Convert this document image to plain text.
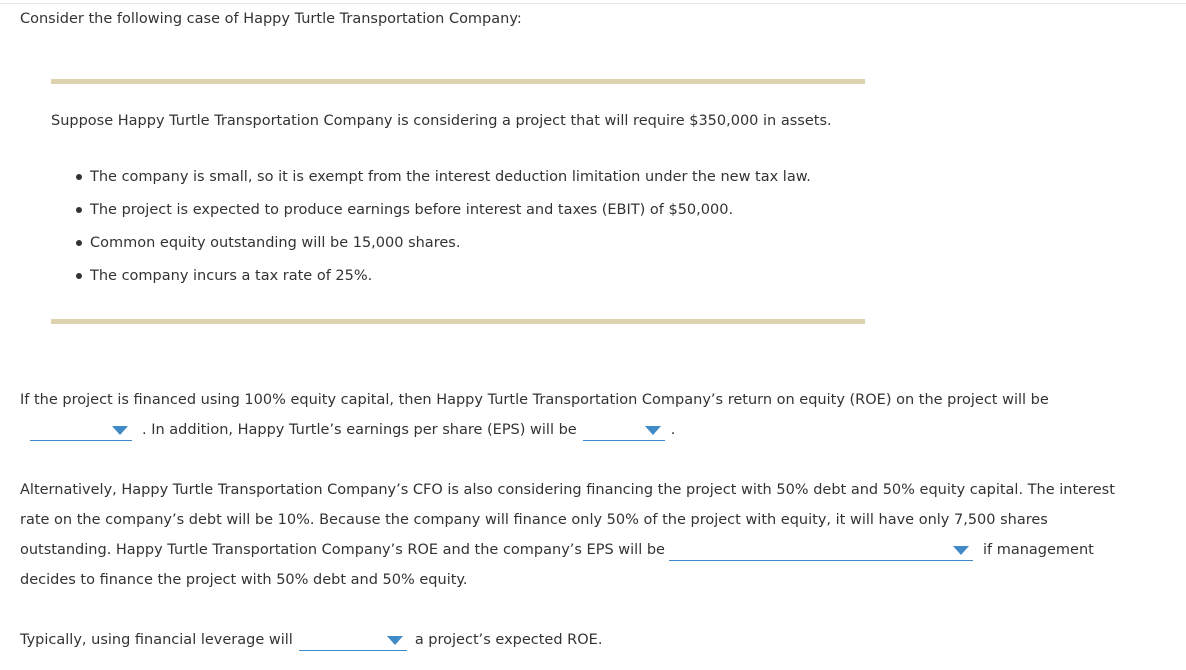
Consider the following case of Happy Turtle Transportation Company:
Suppose Happy Turtle Transportation Company is considering a project that will require $350,000 in assets.
The company is small, so it is exempt from the interest deduction limitation under the new tax law.
The project is expected to produce earnings before interest and taxes (EBIT) of $50,000.
Common equity outstanding will be 15,000 shares.
The company incurs a tax rate of 25%.
If the project is financed using 100% equity capital, then Happy Turtle Transportation Company’s return on equity (ROE) on the project will be
. In addition, Happy Turtle’s earnings per share (EPS) will be	.
Alternatively, Happy Turtle Transportation Company’s CFO is also considering financing the project with 50% debt and 50% equity capital. The interest
rate on the company’s debt will be 10%. Because the company will finance only 50% of the project with equity, it will have only 7,500 shares
outstanding. Happy Turtle Transportation Company’s ROE and the company’s EPS will be	if management
decides to finance the project with 50% debt and 50% equity.
Typically, using financial leverage will	a project’s expected ROE.
